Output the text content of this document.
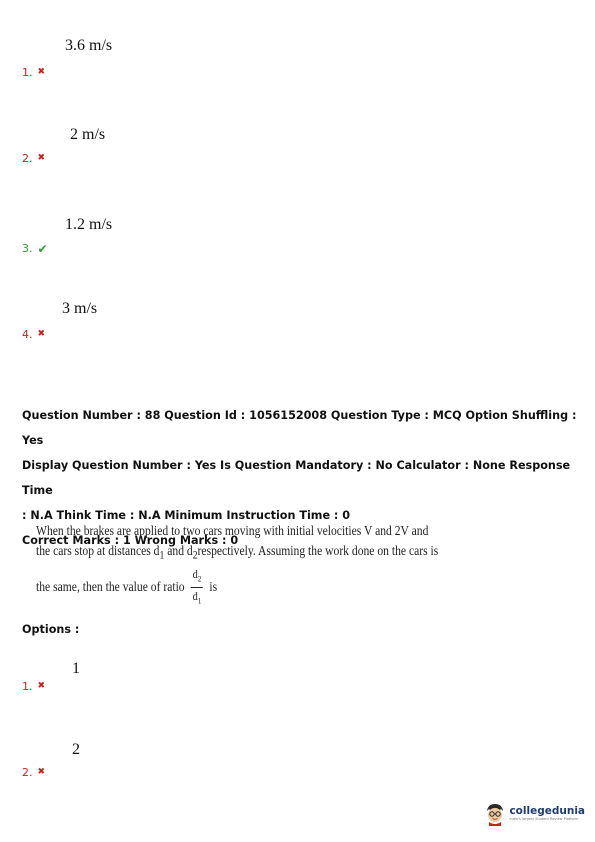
3.6 m/s
1. ✖
2 m/s
2. ✖
1.2 m/s
3. ✔
3 m/s
4. ✖
Question Number : 88 Question Id : 1056152008 Question Type : MCQ Option Shuffling : Yes
Display Question Number : Yes Is Question Mandatory : No Calculator : None Response Time
: N.A Think Time : N.A Minimum Instruction Time : 0
Correct Marks : 1 Wrong Marks : 0
When the brakes are applied to two cars moving with initial velocities V and 2V and
the cars stop at distances $d_1$ and $d_2respectively$. Assuming the work done on the cars is
the same, then the value of ratio $\frac{d_2}{d_1}$ is
Options :
1
1. ✖
2
2. ✖
collegedunia
India's largest Student Review Platform
